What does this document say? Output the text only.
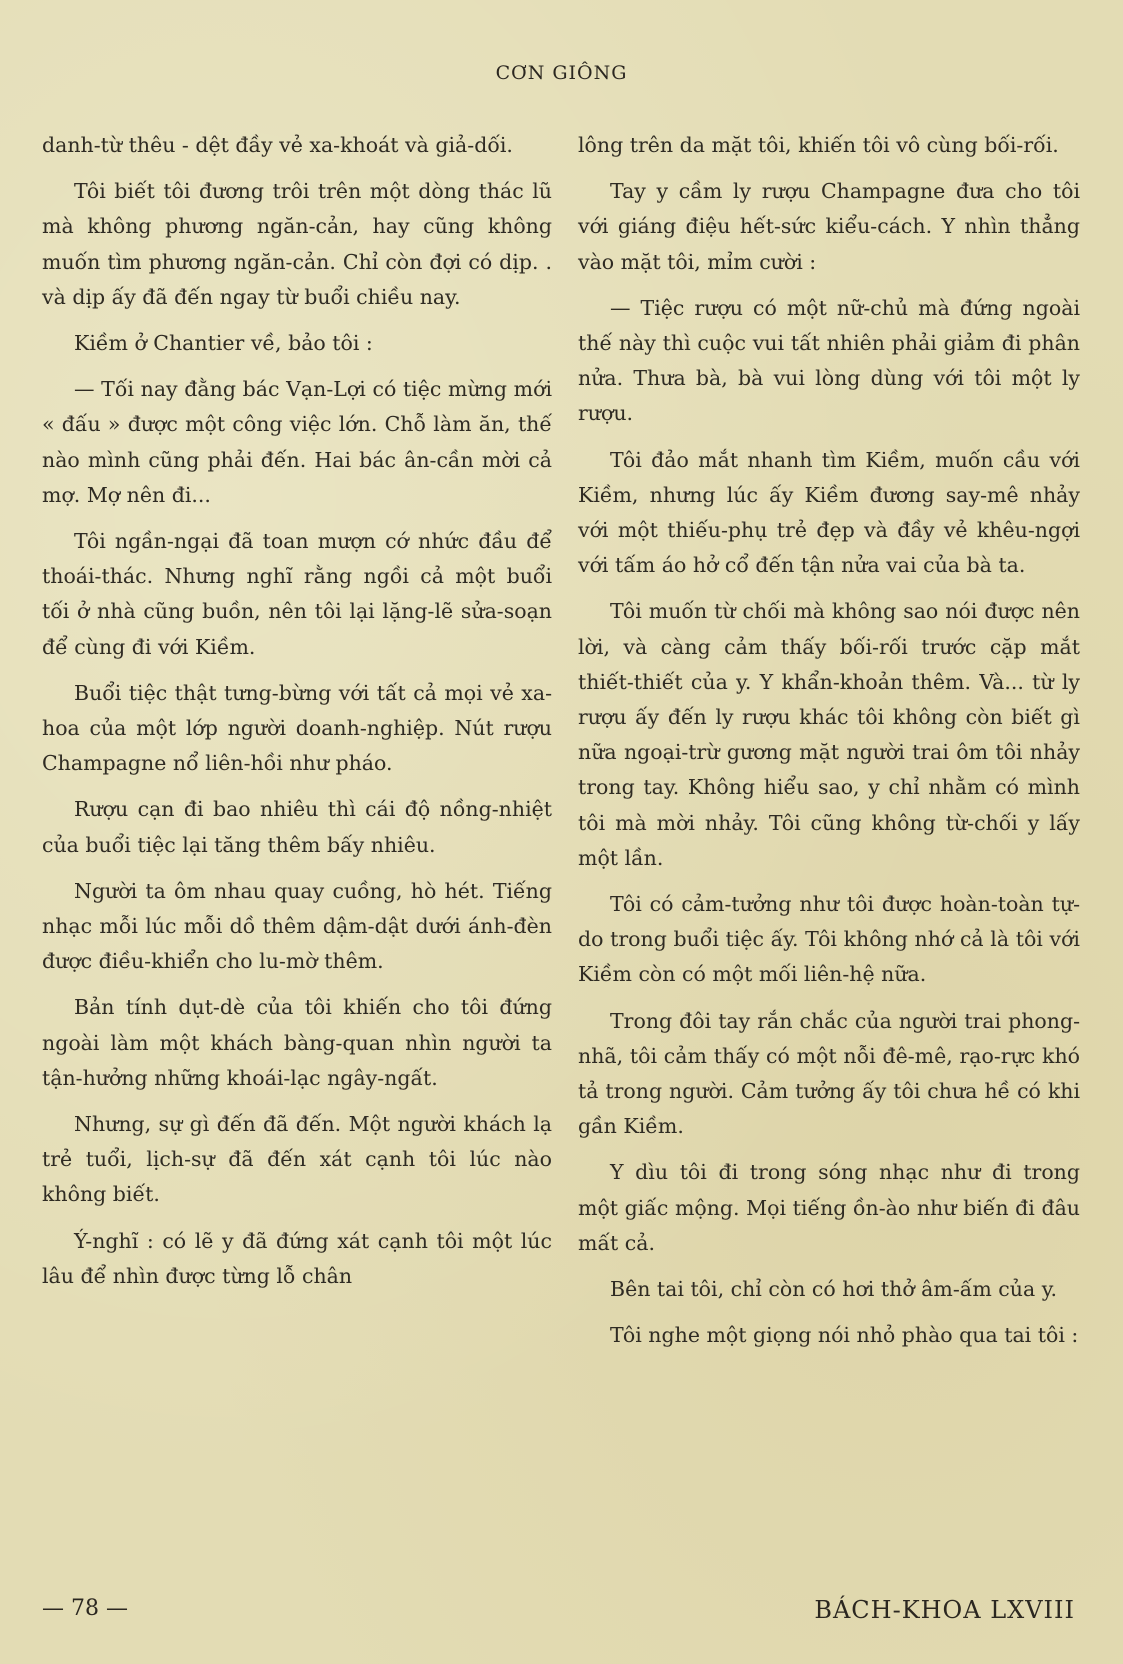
CƠN GIÔNG

danh-từ thêu - dệt đầy vẻ xa-khoát và giả-dối.

Tôi biết tôi đương trôi trên một dòng thác lũ mà không phương ngăn-cản, hay cũng không muốn tìm phương ngăn-cản. Chỉ còn đợi có dịp. . và dịp ấy đã đến ngay từ buổi chiều nay.

Kiềm ở Chantier về, bảo tôi :

— Tối nay đằng bác Vạn-Lợi có tiệc mừng mới « đấu » được một công việc lớn. Chỗ làm ăn, thế nào mình cũng phải đến. Hai bác ân-cần mời cả mợ. Mợ nên đi...

Tôi ngần-ngại đã toan mượn cớ nhức đầu để thoái-thác. Nhưng nghĩ rằng ngồi cả một buổi tối ở nhà cũng buồn, nên tôi lại lặng-lẽ sửa-soạn để cùng đi với Kiềm.

Buổi tiệc thật tưng-bừng với tất cả mọi vẻ xa-hoa của một lớp người doanh-nghiệp. Nút rượu Champagne nổ liên-hồi như pháo.

Rượu cạn đi bao nhiêu thì cái độ nồng-nhiệt của buổi tiệc lại tăng thêm bấy nhiêu.

Người ta ôm nhau quay cuồng, hò hét. Tiếng nhạc mỗi lúc mỗi dồ thêm dậm-dật dưới ánh-đèn được điều-khiển cho lu-mờ thêm.

Bản tính dụt-dè của tôi khiến cho tôi đứng ngoài làm một khách bàng-quan nhìn người ta tận-hưởng những khoái-lạc ngây-ngất.

Nhưng, sự gì đến đã đến. Một người khách lạ trẻ tuổi, lịch-sự đã đến xát cạnh tôi lúc nào không biết.

Ý-nghĩ : có lẽ y đã đứng xát cạnh tôi một lúc lâu để nhìn được từng lỗ chân

lông trên da mặt tôi, khiến tôi vô cùng bối-rối.

Tay y cầm ly rượu Champagne đưa cho tôi với giáng điệu hết-sức kiểu-cách. Y nhìn thẳng vào mặt tôi, mỉm cười :

— Tiệc rượu có một nữ-chủ mà đứng ngoài thế này thì cuộc vui tất nhiên phải giảm đi phân nửa. Thưa bà, bà vui lòng dùng với tôi một ly rượu.

Tôi đảo mắt nhanh tìm Kiềm, muốn cầu với Kiềm, nhưng lúc ấy Kiềm đương say-mê nhảy với một thiếu-phụ trẻ đẹp và đầy vẻ khêu-ngợi với tấm áo hở cổ đến tận nửa vai của bà ta.

Tôi muốn từ chối mà không sao nói được nên lời, và càng cảm thấy bối-rối trước cặp mắt thiết-thiết của y. Y khẩn-khoản thêm. Và... từ ly rượu ấy đến ly rượu khác tôi không còn biết gì nữa ngoại-trừ gương mặt người trai ôm tôi nhảy trong tay. Không hiểu sao, y chỉ nhằm có mình tôi mà mời nhảy. Tôi cũng không từ-chối y lấy một lần.

Tôi có cảm-tưởng như tôi được hoàn-toàn tự-do trong buổi tiệc ấy. Tôi không nhớ cả là tôi với Kiềm còn có một mối liên-hệ nữa.

Trong đôi tay rắn chắc của người trai phong-nhã, tôi cảm thấy có một nỗi đê-mê, rạo-rực khó tả trong người. Cảm tưởng ấy tôi chưa hề có khi gần Kiềm.

Y dìu tôi đi trong sóng nhạc như đi trong một giấc mộng. Mọi tiếng ồn-ào như biến đi đâu mất cả.

Bên tai tôi, chỉ còn có hơi thở âm-ấm của y.

Tôi nghe một giọng nói nhỏ phào qua tai tôi :

— 78 —	BÁCH-KHOA LXVIII
